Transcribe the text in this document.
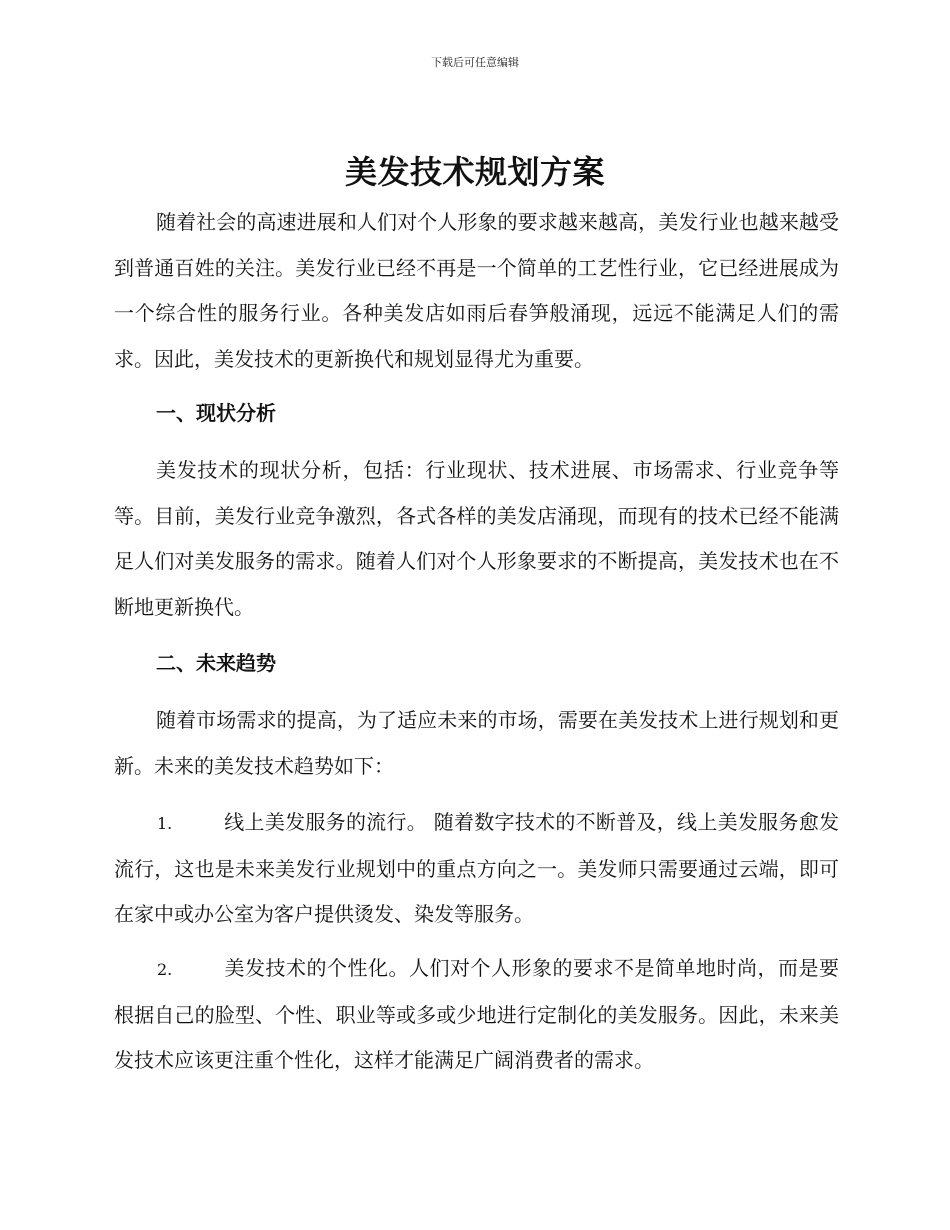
下载后可任意编辑
美发技术规划方案

随着社会的高速进展和人们对个人形象的要求越来越高，美发行业也越来越受到普通百姓的关注。美发行业已经不再是一个简单的工艺性行业，它已经进展成为一个综合性的服务行业。各种美发店如雨后春笋般涌现，远远不能满足人们的需求。因此，美发技术的更新换代和规划显得尤为重要。

一、现状分析

美发技术的现状分析，包括：行业现状、技术进展、市场需求、行业竞争等等。目前，美发行业竞争激烈，各式各样的美发店涌现，而现有的技术已经不能满足人们对美发服务的需求。随着人们对个人形象要求的不断提高，美发技术也在不断地更新换代。

二、未来趋势

随着市场需求的提高，为了适应未来的市场，需要在美发技术上进行规划和更新。未来的美发技术趋势如下：

1.	线上美发服务的流行。 随着数字技术的不断普及，线上美发服务愈发流行，这也是未来美发行业规划中的重点方向之一。美发师只需要通过云端，即可在家中或办公室为客户提供烫发、染发等服务。

2.	美发技术的个性化。人们对个人形象的要求不是简单地时尚，而是要根据自己的脸型、个性、职业等或多或少地进行定制化的美发服务。因此，未来美发技术应该更注重个性化，这样才能满足广阔消费者的需求。
